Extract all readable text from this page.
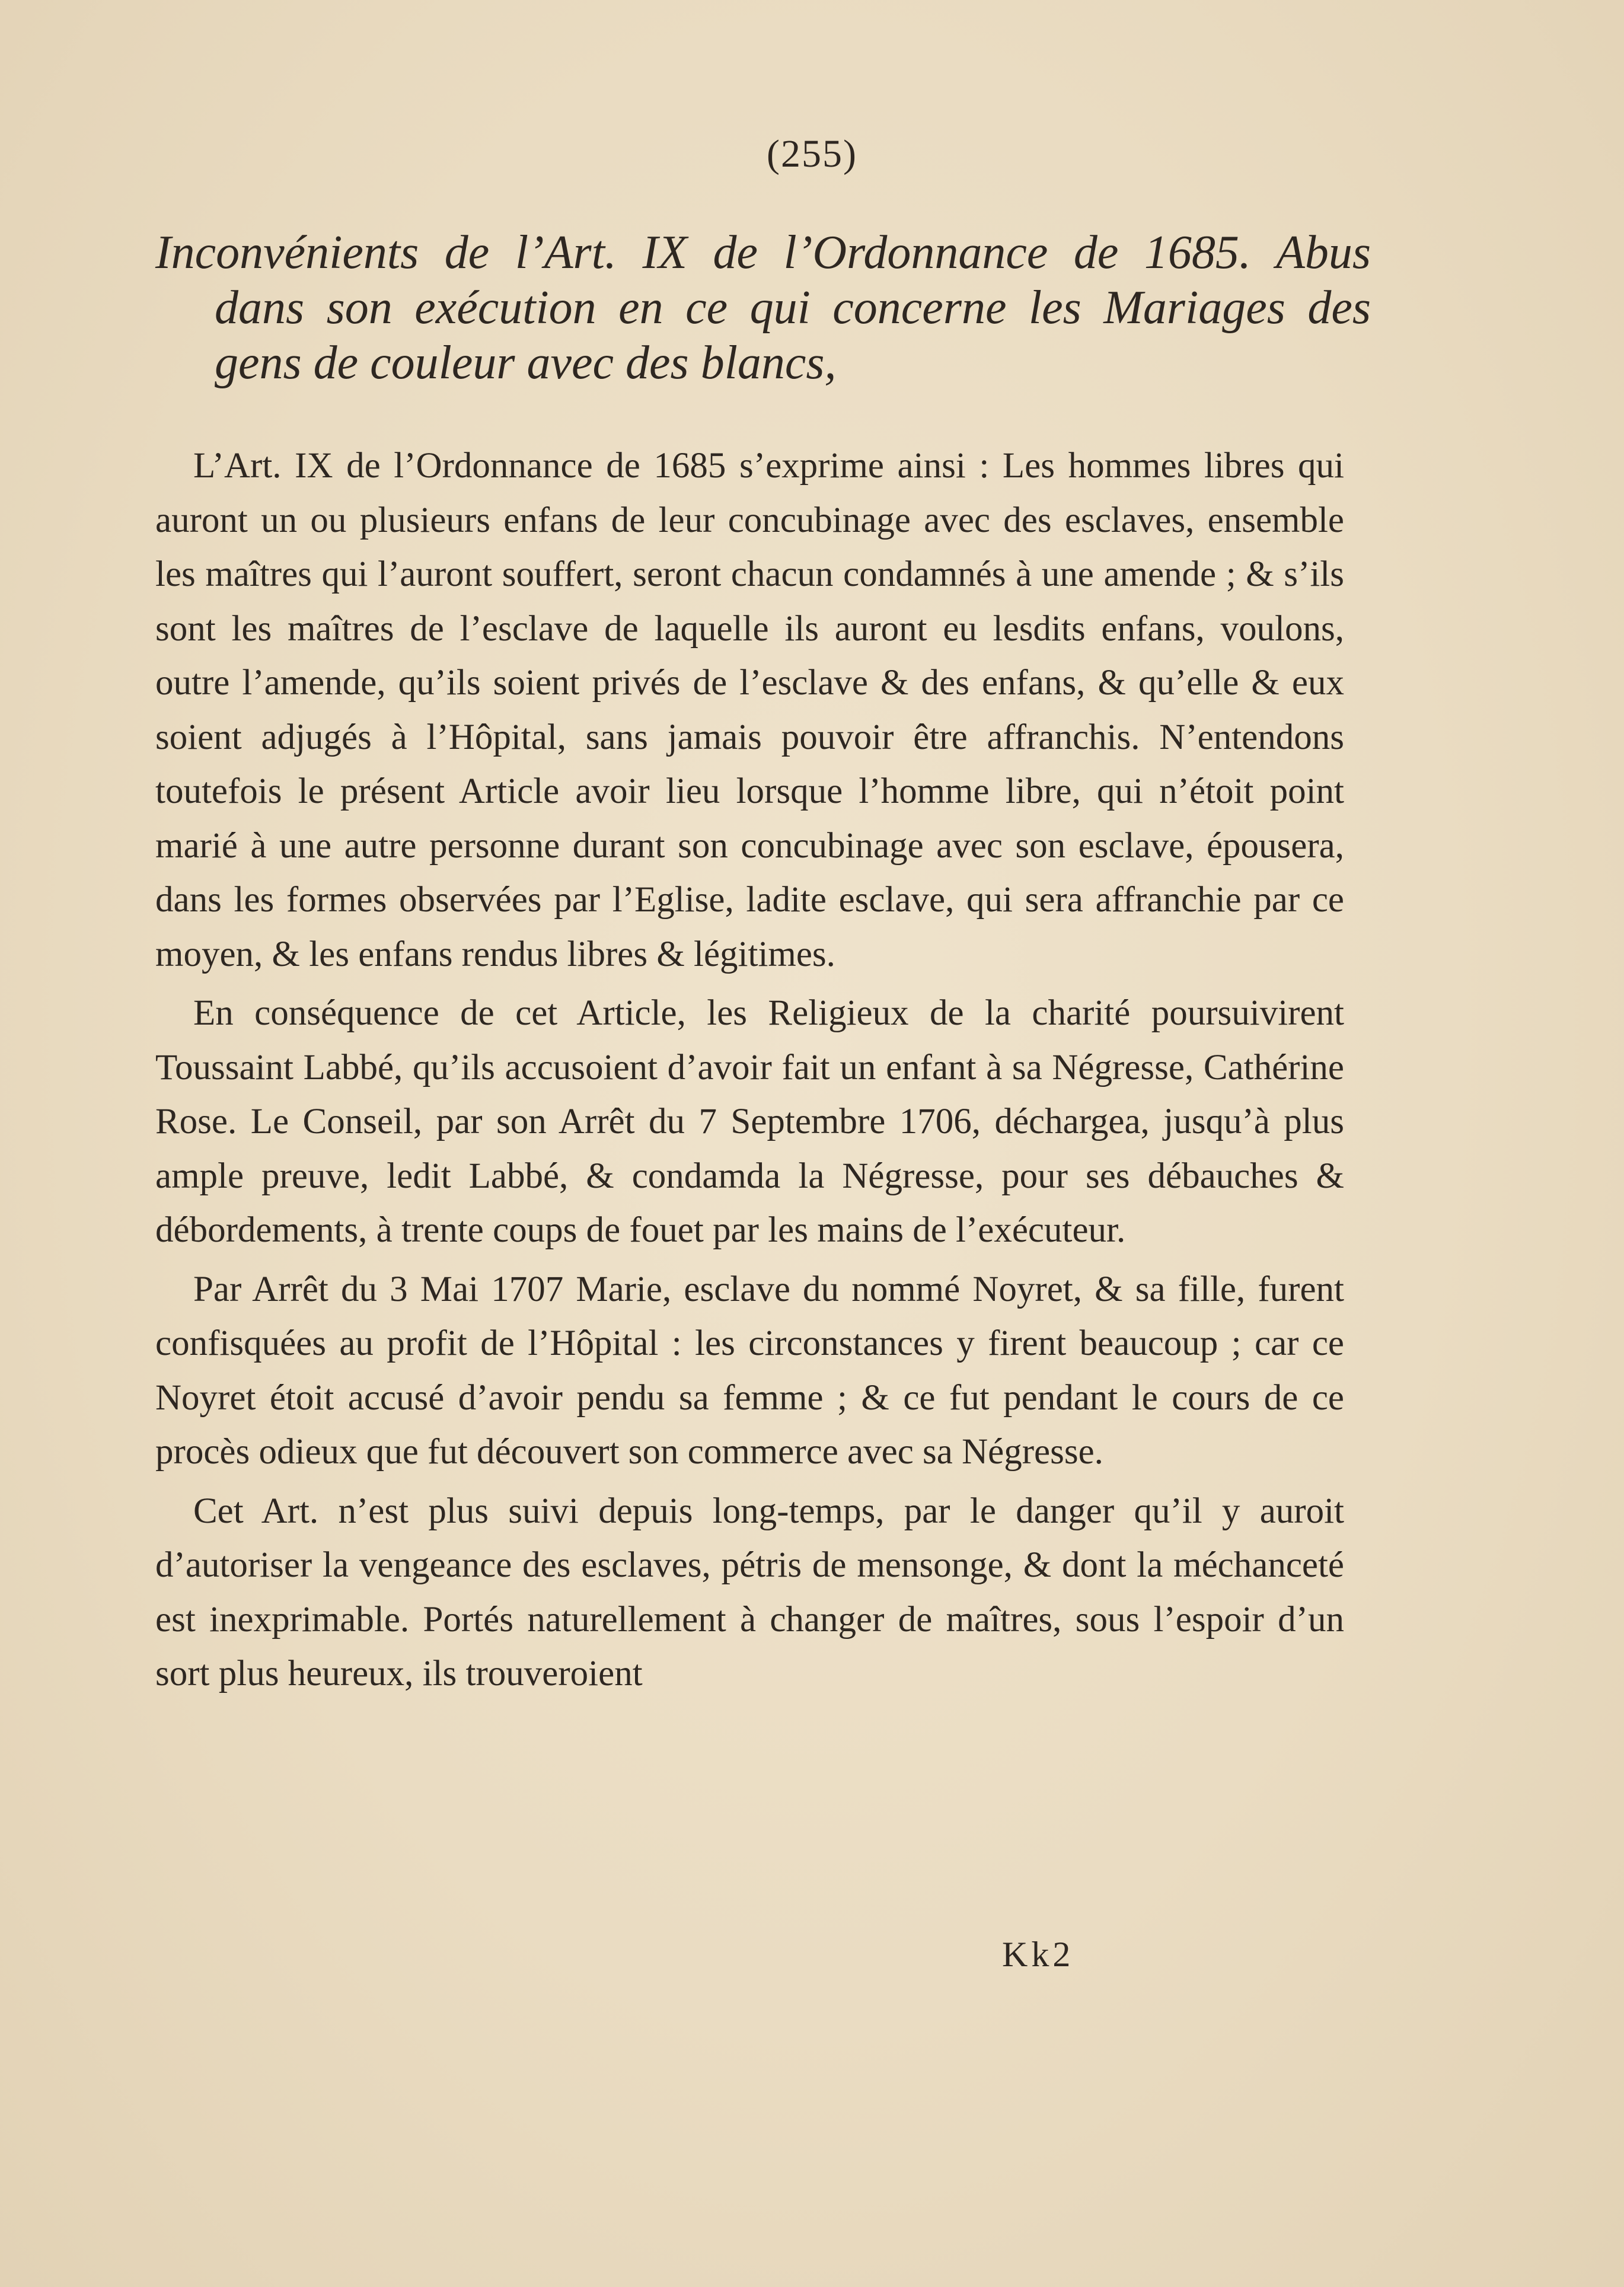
(255)
Inconvénients de l’Art. IX de l’Ordonnance de 1685. Abus
dans son exécution en ce qui concerne les Mariages des
gens de couleur avec des blancs,

L’Art. IX de l’Ordonnance de 1685 s’exprime ainsi : Les hommes libres qui auront un ou plusieurs enfans de leur concubinage avec des esclaves, ensemble les maîtres qui l’auront souffert, seront chacun condamnés à une amende ; & s’ils sont les maîtres de l’esclave de laquelle ils auront eu lesdits enfans, voulons, outre l’amende, qu’ils soient privés de l’esclave & des enfans, & qu’elle & eux soient adjugés à l’Hôpital, sans jamais pouvoir être affranchis. N’entendons toutefois le présent Article avoir lieu lorsque l’homme libre, qui n’étoit point marié à une autre personne durant son concubinage avec son esclave, épousera, dans les formes observées par l’Eglise, ladite esclave, qui sera affranchie par ce moyen, & les enfans rendus libres & légitimes.

En conséquence de cet Article, les Religieux de la charité poursuivirent Toussaint Labbé, qu’ils accusoient d’avoir fait un enfant à sa Négresse, Cathérine Rose. Le Conseil, par son Arrêt du 7 Septembre 1706, déchargea, jusqu’à plus ample preuve, ledit Labbé, & condamda la Négresse, pour ses débauches & débordements, à trente coups de fouet par les mains de l’exécuteur.

Par Arrêt du 3 Mai 1707 Marie, esclave du nommé Noyret, & sa fille, furent confisquées au profit de l’Hôpital : les circonstances y firent beaucoup ; car ce Noyret étoit accusé d’avoir pendu sa femme ; & ce fut pendant le cours de ce procès odieux que fut découvert son commerce avec sa Négresse.

Cet Art. n’est plus suivi depuis long-temps, par le danger qu’il y auroit d’autoriser la vengeance des esclaves, pétris de mensonge, & dont la méchanceté est inexprimable. Portés naturellement à changer de maîtres, sous l’espoir d’un sort plus heureux, ils trouveroient

Kk2
